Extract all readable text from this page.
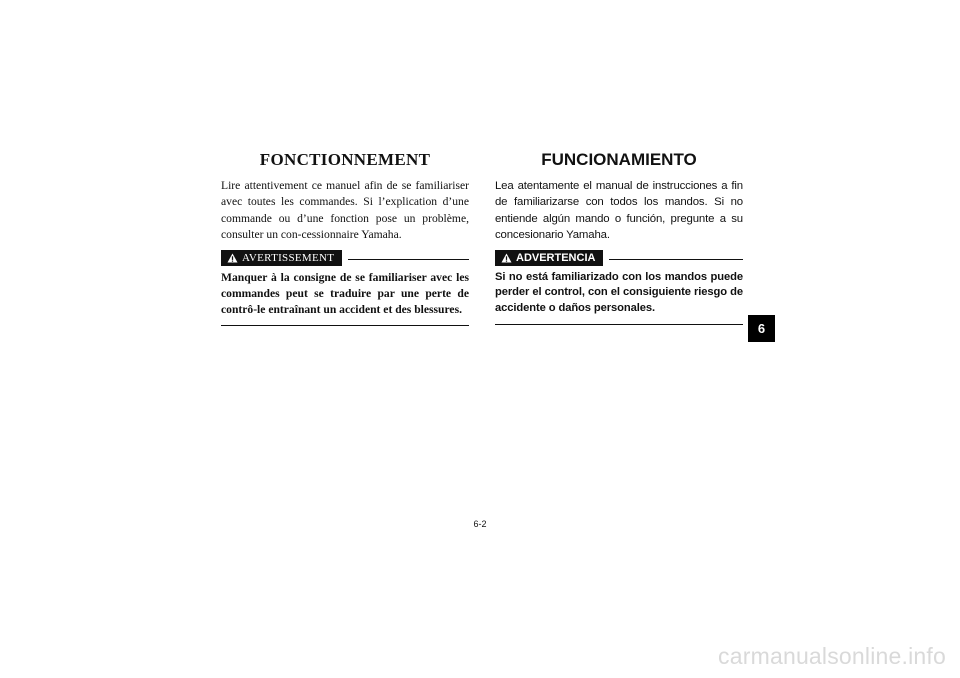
FONCTIONNEMENT

Lire attentivement ce manuel afin de se familiariser avec toutes les commandes. Si l’explication d’une commande ou d’une fonction pose un problème, consulter un con-cessionnaire Yamaha.

AVERTISSEMENT

Manquer à la consigne de se familiariser avec les commandes peut se traduire par une perte de contrô-le entraînant un accident et des blessures.

FUNCIONAMIENTO

Lea atentamente el manual de instrucciones a fin de familiarizarse con todos los mandos. Si no entiende algún mando o función, pregunte a su concesionario Yamaha.

ADVERTENCIA

Si no está familiarizado con los mandos puede perder el control, con el consiguiente riesgo de accidente o daños personales.

6
6-2
carmanualsonline.info
